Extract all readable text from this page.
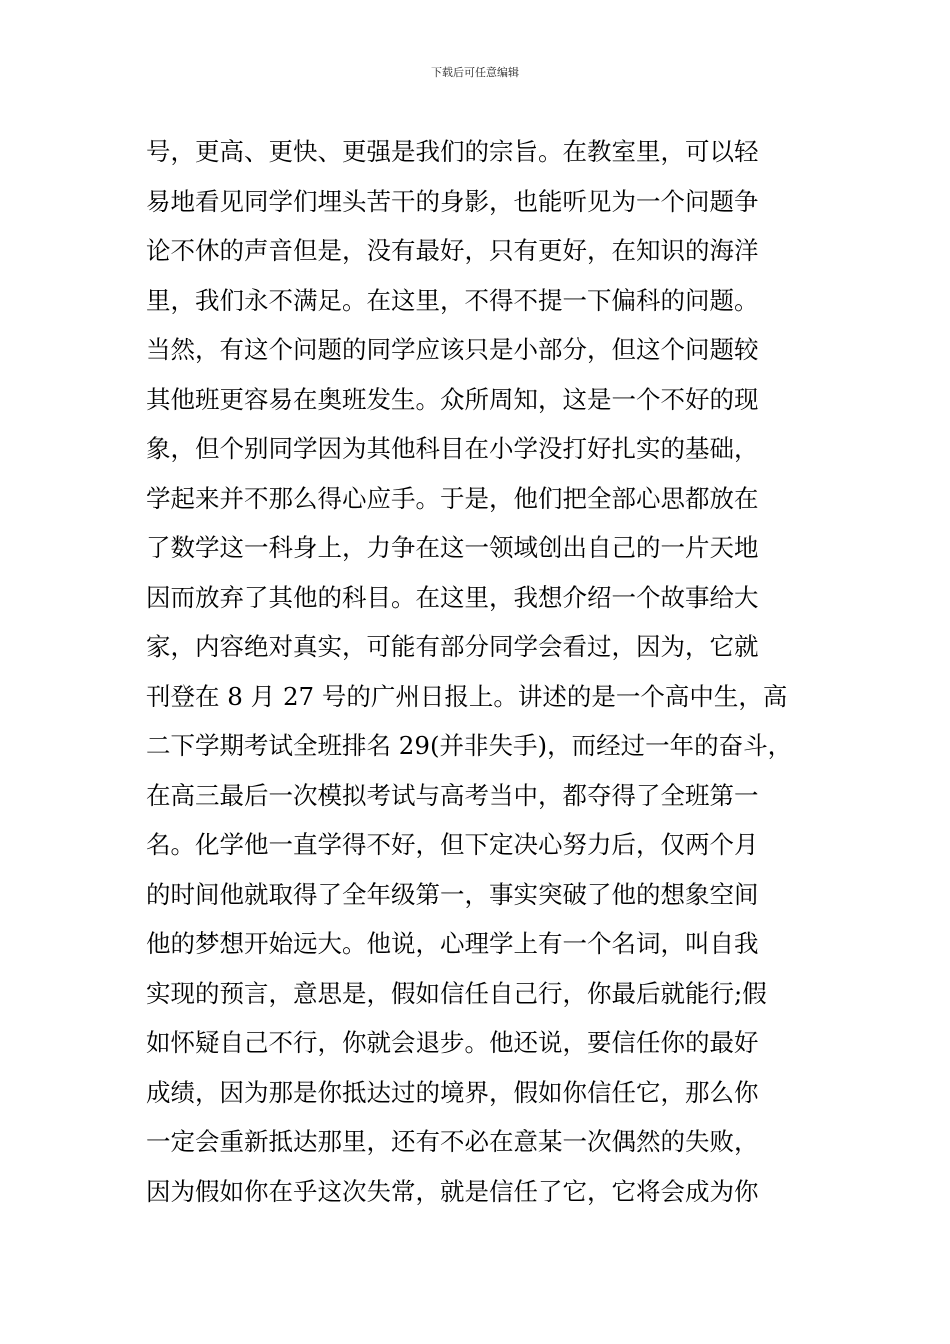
下载后可任意编辑
号，更高、更快、更强是我们的宗旨。在教室里，可以轻
易地看见同学们埋头苦干的身影，也能听见为一个问题争
论不休的声音但是，没有最好，只有更好，在知识的海洋
里，我们永不满足。在这里，不得不提一下偏科的问题。
当然，有这个问题的同学应该只是小部分，但这个问题较
其他班更容易在奥班发生。众所周知，这是一个不好的现
象，但个别同学因为其他科目在小学没打好扎实的基础，
学起来并不那么得心应手。于是，他们把全部心思都放在
了数学这一科身上，力争在这一领域创出自己的一片天地
因而放弃了其他的科目。在这里，我想介绍一个故事给大
家，内容绝对真实，可能有部分同学会看过，因为，它就
刊登在 8 月 27 号的广州日报上。讲述的是一个高中生，高
二下学期考试全班排名 29(并非失手)，而经过一年的奋斗，
在高三最后一次模拟考试与高考当中，都夺得了全班第一
名。化学他一直学得不好，但下定决心努力后，仅两个月
的时间他就取得了全年级第一，事实突破了他的想象空间
他的梦想开始远大。他说，心理学上有一个名词，叫自我
实现的预言，意思是，假如信任自己行，你最后就能行;假
如怀疑自己不行，你就会退步。他还说，要信任你的最好
成绩，因为那是你抵达过的境界，假如你信任它，那么你
一定会重新抵达那里，还有不必在意某一次偶然的失败，
因为假如你在乎这次失常，就是信任了它，它将会成为你
